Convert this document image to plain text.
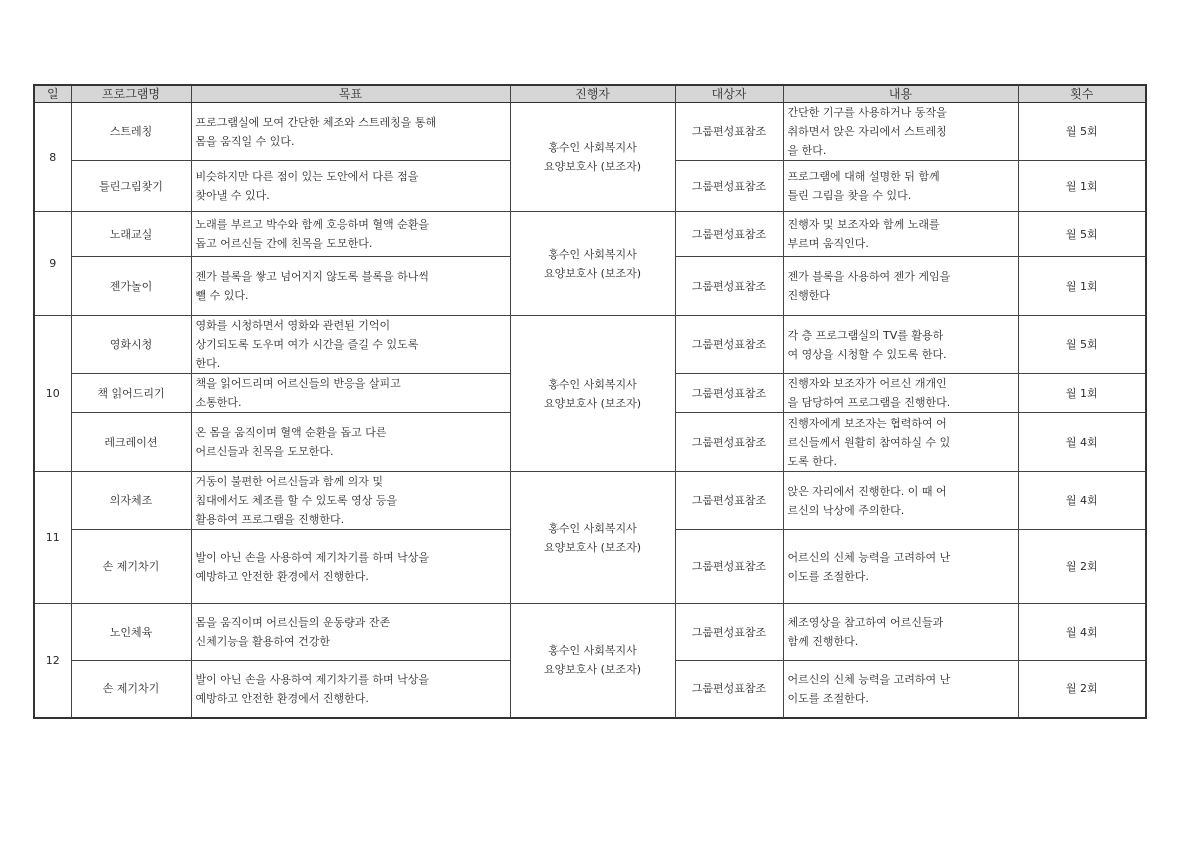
일	프로그램명	목표	진행자	대상자	내용	횟수
8	스트레칭	프로그램실에 모여 간단한 체조와 스트레칭을 통해
몸을 움직일 수 있다.	홍수인 사회복지사
요양보호사 (보조자)	그룹편성표참조	간단한 기구를 사용하거나 동작을
취하면서 앉은 자리에서 스트레칭
을 한다.	월 5회
	틀린그림찾기	비슷하지만 다른 점이 있는 도안에서 다른 점을
찾아낼 수 있다.		그룹편성표참조	프로그램에 대해 설명한 뒤 함께
틀린 그림을 찾을 수 있다.	월 1회
9	노래교실	노래를 부르고 박수와 함께 호응하며 혈액 순환을
돕고 어르신들 간에 친목을 도모한다.	홍수인 사회복지사
요양보호사 (보조자)	그룹편성표참조	진행자 및 보조자와 함께 노래를
부르며 움직인다.	월 5회
	젠가놀이	젠가 블록을 쌓고 넘어지지 않도록 블록을 하나씩
뺄 수 있다.		그룹편성표참조	젠가 블록을 사용하여 젠가 게임을
진행한다	월 1회
10	영화시청	영화를 시청하면서 영화와 관련된 기억이
상기되도록 도우며 여가 시간을 즐길 수 있도록
한다.	홍수인 사회복지사
요양보호사 (보조자)	그룹편성표참조	각 층 프로그램실의 TV를 활용하
여 영상을 시청할 수 있도록 한다.	월 5회
	책 읽어드리기	책을 읽어드리며 어르신들의 반응을 살피고
소통한다.		그룹편성표참조	진행자와 보조자가 어르신 개개인
을 담당하여 프로그램을 진행한다.	월 1회
	레크레이션	온 몸을 움직이며 혈액 순환을 돕고 다른
어르신들과 친목을 도모한다.		그룹편성표참조	진행자에게 보조자는 협력하여 어
르신들께서 원활히 참여하실 수 있
도록 한다.	월 4회
11	의자체조	거동이 불편한 어르신들과 함께 의자 및
침대에서도 체조를 할 수 있도록 영상 등을
활용하여 프로그램을 진행한다.	홍수인 사회복지사
요양보호사 (보조자)	그룹편성표참조	앉은 자리에서 진행한다. 이 때 어
르신의 낙상에 주의한다.	월 4회
	손 제기차기	발이 아닌 손을 사용하여 제기차기를 하며 낙상을
예방하고 안전한 환경에서 진행한다.		그룹편성표참조	어르신의 신체 능력을 고려하여 난
이도를 조절한다.	월 2회
12	노인체육	몸을 움직이며 어르신들의 운동량과 잔존
신체기능을 활용하여 건강한	홍수인 사회복지사
요양보호사 (보조자)	그룹편성표참조	체조영상을 참고하여 어르신들과
함께 진행한다.	월 4회
	손 제기차기	발이 아닌 손을 사용하여 제기차기를 하며 낙상을
예방하고 안전한 환경에서 진행한다.		그룹편성표참조	어르신의 신체 능력을 고려하여 난
이도를 조절한다.	월 2회
